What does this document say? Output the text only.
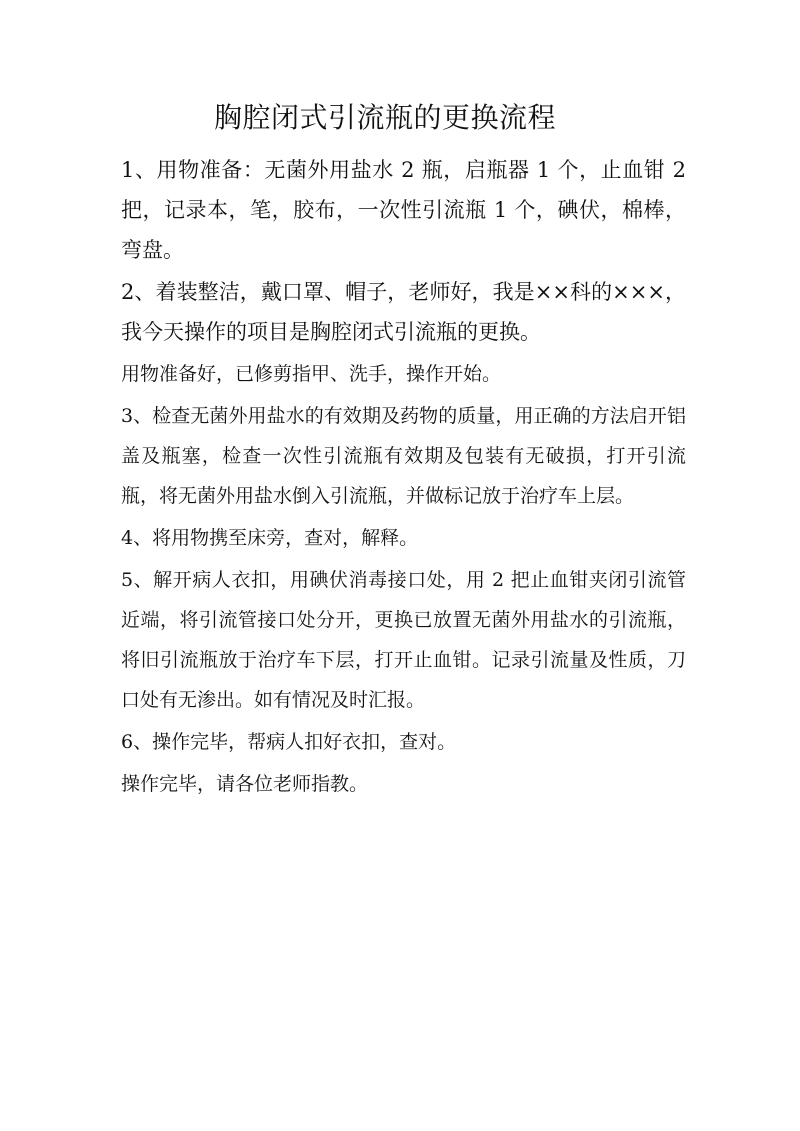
胸腔闭式引流瓶的更换流程

1、用物准备：无菌外用盐水 2 瓶，启瓶器 1 个，止血钳 2 把，记录本，笔，胶布，一次性引流瓶 1 个，碘伏，棉棒，弯盘。

2、着装整洁，戴口罩、帽子，老师好，我是××科的×××，我今天操作的项目是胸腔闭式引流瓶的更换。

用物准备好，已修剪指甲、洗手，操作开始。

3、检查无菌外用盐水的有效期及药物的质量，用正确的方法启开铝盖及瓶塞，检查一次性引流瓶有效期及包装有无破损，打开引流瓶，将无菌外用盐水倒入引流瓶，并做标记放于治疗车上层。

4、将用物携至床旁，查对，解释。

5、解开病人衣扣，用碘伏消毒接口处，用 2 把止血钳夹闭引流管近端，将引流管接口处分开，更换已放置无菌外用盐水的引流瓶，将旧引流瓶放于治疗车下层，打开止血钳。记录引流量及性质，刀口处有无渗出。如有情况及时汇报。

6、操作完毕，帮病人扣好衣扣，查对。

操作完毕，请各位老师指教。
